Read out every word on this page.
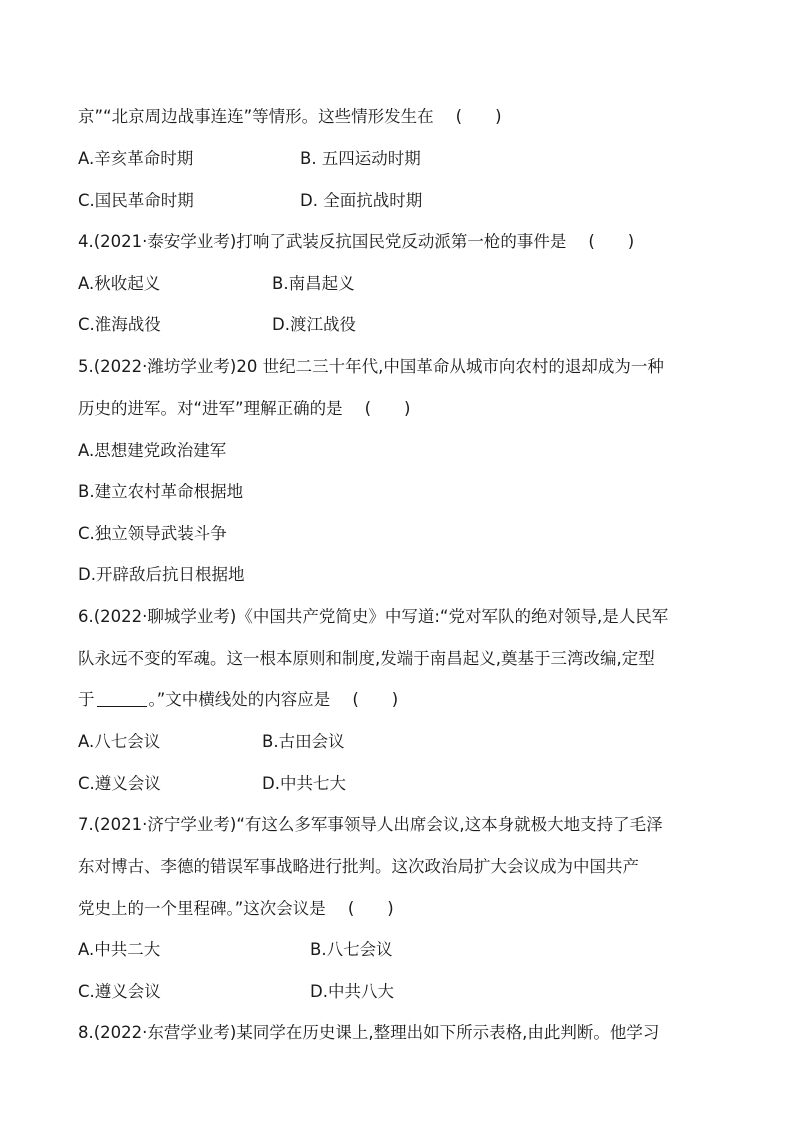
京”“北京周边战事连连”等情形。这些情形发生在 (　　)
A.辛亥革命时期	B. 五四运动时期
C.国民革命时期	D. 全面抗战时期
4.(2021·泰安学业考)打响了武装反抗国民党反动派第一枪的事件是 (　　)
A.秋收起义	B.南昌起义
C.淮海战役	D.渡江战役
5.(2022·潍坊学业考)20 世纪二三十年代,中国革命从城市向农村的退却成为一种
历史的进军。对“进军”理解正确的是 (　　)
A.思想建党政治建军
B.建立农村革命根据地
C.独立领导武装斗争
D.开辟敌后抗日根据地
6.(2022·聊城学业考)《中国共产党简史》中写道:“党对军队的绝对领导,是人民军
队永远不变的军魂。这一根本原则和制度,发端于南昌起义,奠基于三湾改编,定型
于	。”文中横线处的内容应是 (　　)
A.八七会议	B.古田会议
C.遵义会议	D.中共七大
7.(2021·济宁学业考)“有这么多军事领导人出席会议,这本身就极大地支持了毛泽
东对博古、李德的错误军事战略进行批判。这次政治局扩大会议成为中国共产
党史上的一个里程碑。”这次会议是 (　　)
A.中共二大	B.八七会议
C.遵义会议	D.中共八大
8.(2022·东营学业考)某同学在历史课上,整理出如下所示表格,由此判断。他学习
